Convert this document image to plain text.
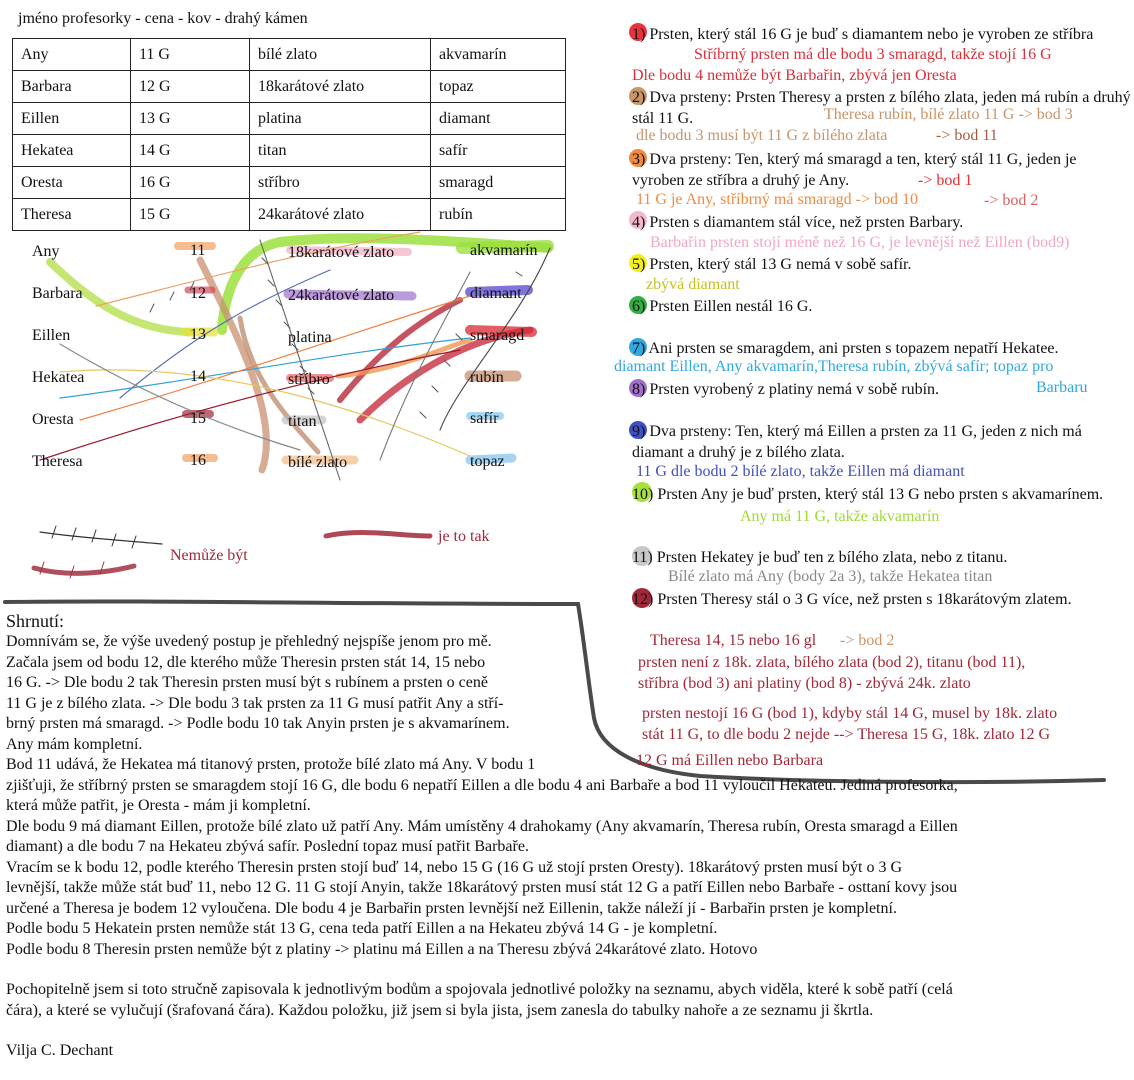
jméno profesorky - cena - kov - drahý kámen
Any	11 G	bílé zlato	akvamarín
Barbara	12 G	18karátové zlato	topaz
Eillen	13 G	platina	diamant
Hekatea	14 G	titan	safír
Oresta	16 G	stříbro	smaragd
Theresa	15 G	24karátové zlato	rubín
Any
Barbara
Eillen
Hekatea
Oresta
Theresa
11
12
13
14
15
16
18karátové zlato
24karátové zlato
platina
stříbro
titan
bílé zlato
akvamarín
diamant
smaragd
rubín
safír
topaz
Nemůže být
je to tak
1) Prsten, který stál 16 G je buď s diamantem nebo je vyroben ze stříbra
2) Dva prsteny: Prsten Theresy a prsten z bílého zlata, jeden má rubín a druhý stál 11 G.
3) Dva prsteny: Ten, který má smaragd a ten, který stál 11 G, jeden je vyroben ze stříbra a druhý je Any.
4) Prsten s diamantem stál více, než prsten Barbary.
5) Prsten, který stál 13 G nemá v sobě safír.
6) Prsten Eillen nestál 16 G.
7) Ani prsten se smaragdem, ani prsten s topazem nepatří Hekatee.
8) Prsten vyrobený z platiny nemá v sobě rubín.
9) Dva prsteny: Ten, který má Eillen a prsten za 11 G, jeden z nich má diamant a druhý je z bílého zlata.
10) Prsten Any je buď prsten, který stál 13 G nebo prsten s akvamarínem.
11) Prsten Hekatey je buď ten z bílého zlata, nebo z titanu.
12) Prsten Theresy stál o 3 G více, než prsten s 18karátovým zlatem.
Stříbrný prsten má dle bodu 3 smaragd, takže stojí 16 G
Dle bodu 4 nemůže být Barbařin, zbývá jen Oresta
Theresa rubín, bílé zlato 11 G -> bod 3
dle bodu 3 musí být 11 G z bílého zlata	-> bod 11
-> bod 1
11 G je Any, stříbrný má smaragd -> bod 10	-> bod 2
Barbařin prsten stojí méně než 16 G, je levnější než Eillen (bod9)
zbývá diamant
diamant Eillen, Any akvamarín,Theresa rubín, zbývá safír; topaz pro
Barbaru
11 G dle bodu 2 bílé zlato, takže Eillen má diamant
Any má 11 G, takže akvamarín
Bílé zlato má Any (body 2a 3), takže Hekatea titan
Theresa 14, 15 nebo 16 gl -> bod 2
prsten není z 18k. zlata, bílého zlata (bod 2), titanu (bod 11),
stříbra (bod 3) ani platiny (bod 8) - zbývá 24k. zlato
prsten nestojí 16 G (bod 1), kdyby stál 14 G, musel by 18k. zlato
stát 11 G, to dle bodu 2 nejde --> Theresa 15 G, 18k. zlato 12 G
12 G má Eillen nebo Barbara

Shrnutí:

Domnívám se, že výše uvedený postup je přehledný nejspíše jenom pro mě.

Začala jsem od bodu 12, dle kterého může Theresin prsten stát 14, 15 nebo

16 G. -> Dle bodu 2 tak Theresin prsten musí být s rubínem a prsten o ceně

11 G je z bílého zlata. -> Dle bodu 3 tak prsten za 11 G musí patřit Any a stří-

brný prsten má smaragd. -> Podle bodu 10 tak Anyin prsten je s akvamarínem.

Any mám kompletní.

Bod 11 udává, že Hekatea má titanový prsten, protože bílé zlato má Any. V bodu 1

zjišťuji, že stříbrný prsten se smaragdem stojí 16 G, dle bodu 6 nepatří Eillen a dle bodu 4 ani Barbaře a bod 11 vyloučil Hekateu. Jediná profesorka,

která může patřit, je Oresta - mám ji kompletní.

Dle bodu 9 má diamant Eillen, protože bílé zlato už patří Any. Mám umístěny 4 drahokamy (Any akvamarín, Theresa rubín, Oresta smaragd a Eillen

diamant) a dle bodu 7 na Hekateu zbývá safír. Poslední topaz musí patřit Barbaře.

Vracím se k bodu 12, podle kterého Theresin prsten stojí buď 14, nebo 15 G (16 G už stojí prsten Oresty). 18karátový prsten musí být o 3 G

levnější, takže může stát buď 11, nebo 12 G. 11 G stojí Anyin, takže 18karátový prsten musí stát 12 G a patří Eillen nebo Barbaře - osttaní kovy jsou

určené a Theresa je bodem 12 vyloučena. Dle bodu 4 je Barbařin prsten levnější než Eillenin, takže náleží jí - Barbařin prsten je kompletní.

Podle bodu 5 Hekatein prsten nemůže stát 13 G, cena teda patří Eillen a na Hekateu zbývá 14 G - je kompletní.

Podle bodu 8 Theresin prsten nemůže být z platiny -> platinu má Eillen a na Theresu zbývá 24karátové zlato. Hotovo

Pochopitelně jsem si toto stručně zapisovala k jednotlivým bodům a spojovala jednotlivé položky na seznamu, abych viděla, které k sobě patří (celá

čára), a které se vylučují (šrafovaná čára). Každou položku, již jsem si byla jista, jsem zanesla do tabulky nahoře a ze seznamu ji škrtla.

Vilja C. Dechant
